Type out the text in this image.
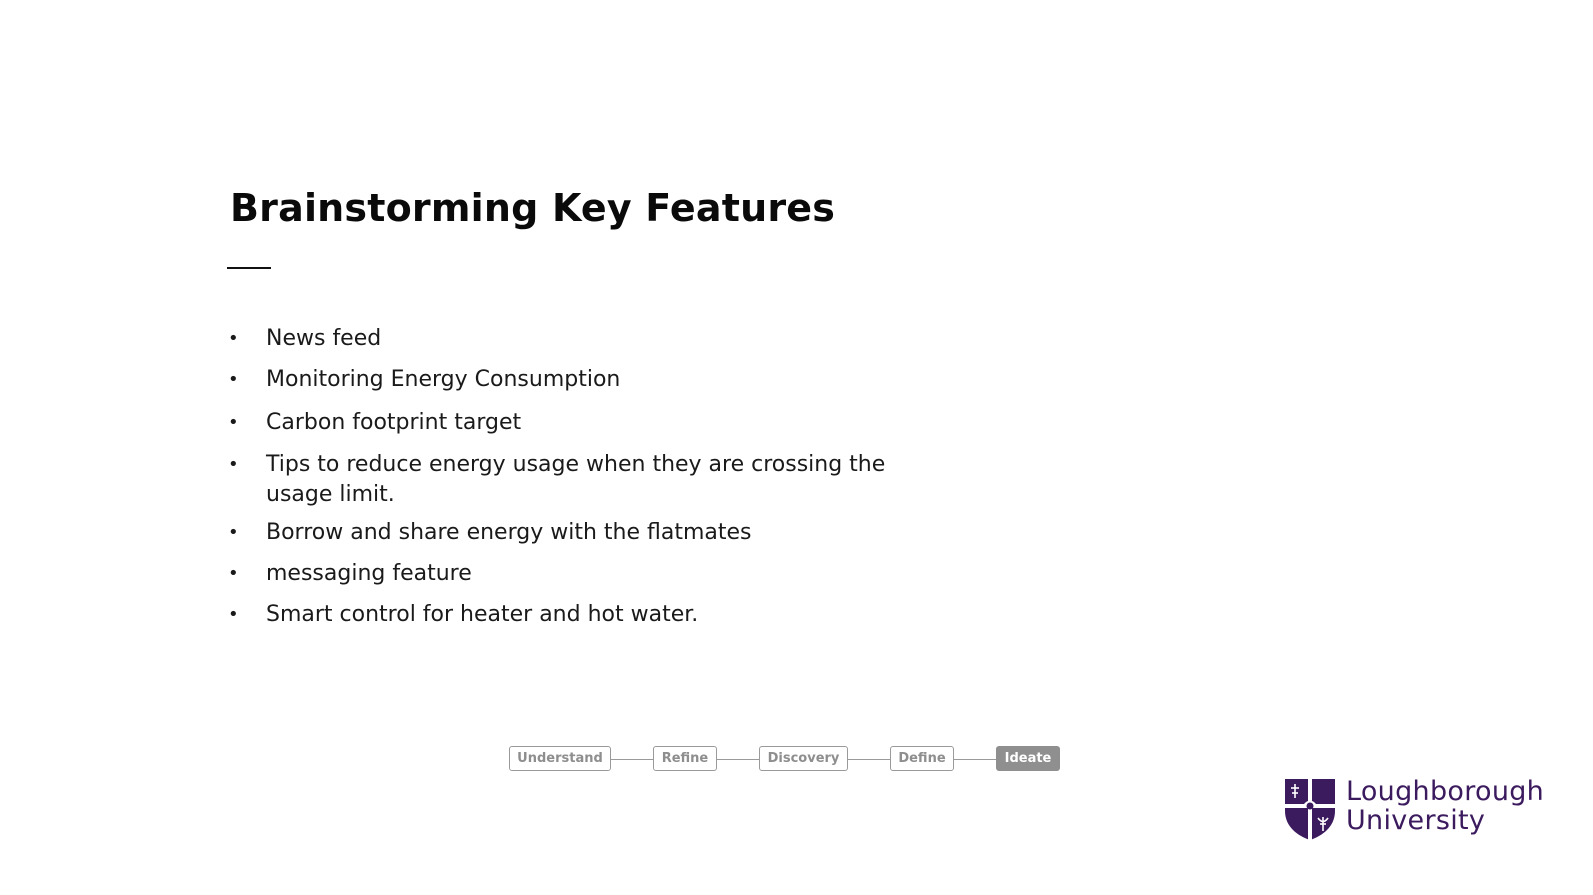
Brainstorming Key Features
• News feed
• Monitoring Energy Consumption
• Carbon footprint target
• Tips to reduce energy usage when they are crossing the usage limit.
• Borrow and share energy with the flatmates
• messaging feature
• Smart control for heater and hot water.
Understand	Refine	Discovery	Define	Ideate
Loughborough
University
